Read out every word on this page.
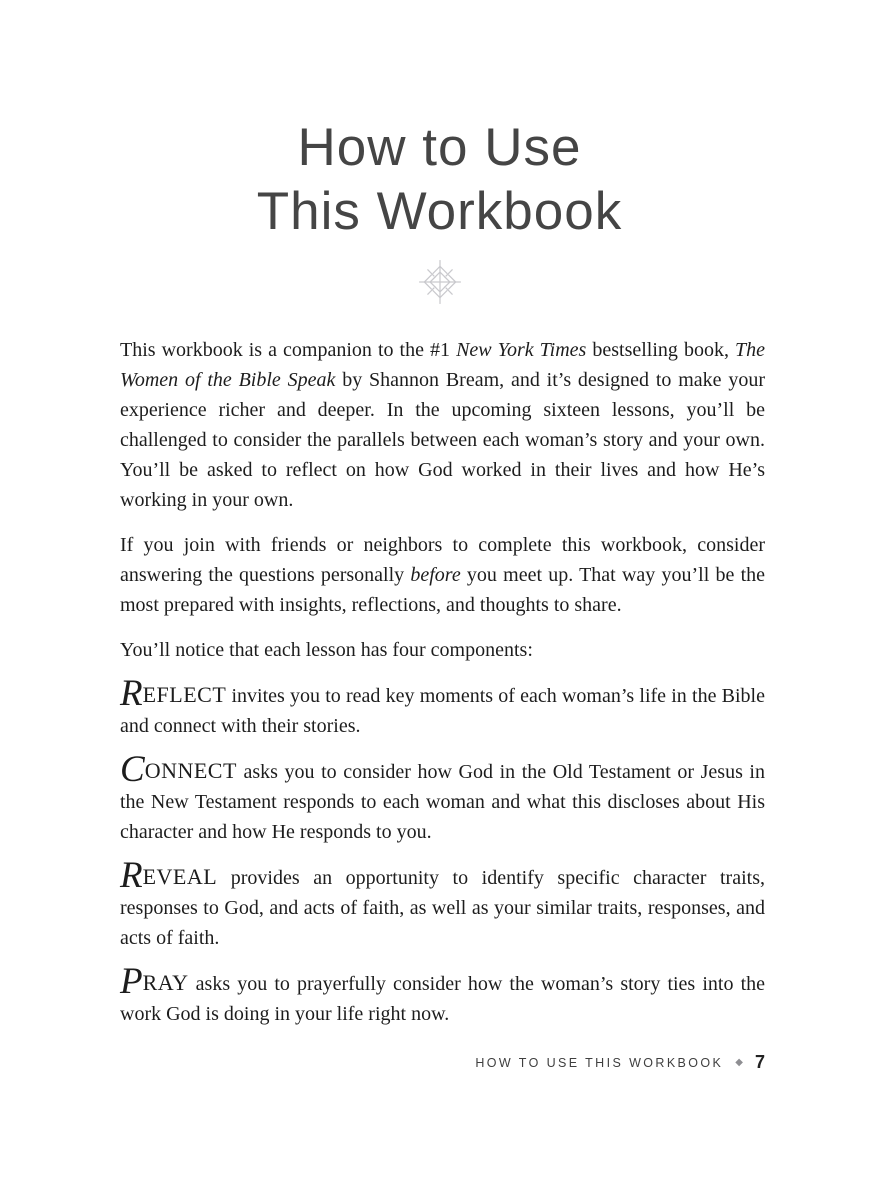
How to Use
This Workbook

This workbook is a companion to the #1 New York Times bestselling book, The Women of the Bible Speak by Shannon Bream, and it’s designed to make your experience richer and deeper. In the upcoming sixteen lessons, you’ll be challenged to consider the parallels between each woman’s story and your own. You’ll be asked to reflect on how God worked in their lives and how He’s working in your own.

If you join with friends or neighbors to complete this workbook, consider answering the questions personally before you meet up. That way you’ll be the most prepared with insights, reflections, and thoughts to share.

You’ll notice that each lesson has four components:

REFLECT invites you to read key moments of each woman’s life in the Bible and connect with their stories.

CONNECT asks you to consider how God in the Old Testament or Jesus in the New Testament responds to each woman and what this discloses about His character and how He responds to you.

REVEAL provides an opportunity to identify specific character traits, responses to God, and acts of faith, as well as your similar traits, responses, and acts of faith.

PRAY asks you to prayerfully consider how the woman’s story ties into the work God is doing in your life right now.

HOW TO USE THIS WORKBOOK ◆ 7
